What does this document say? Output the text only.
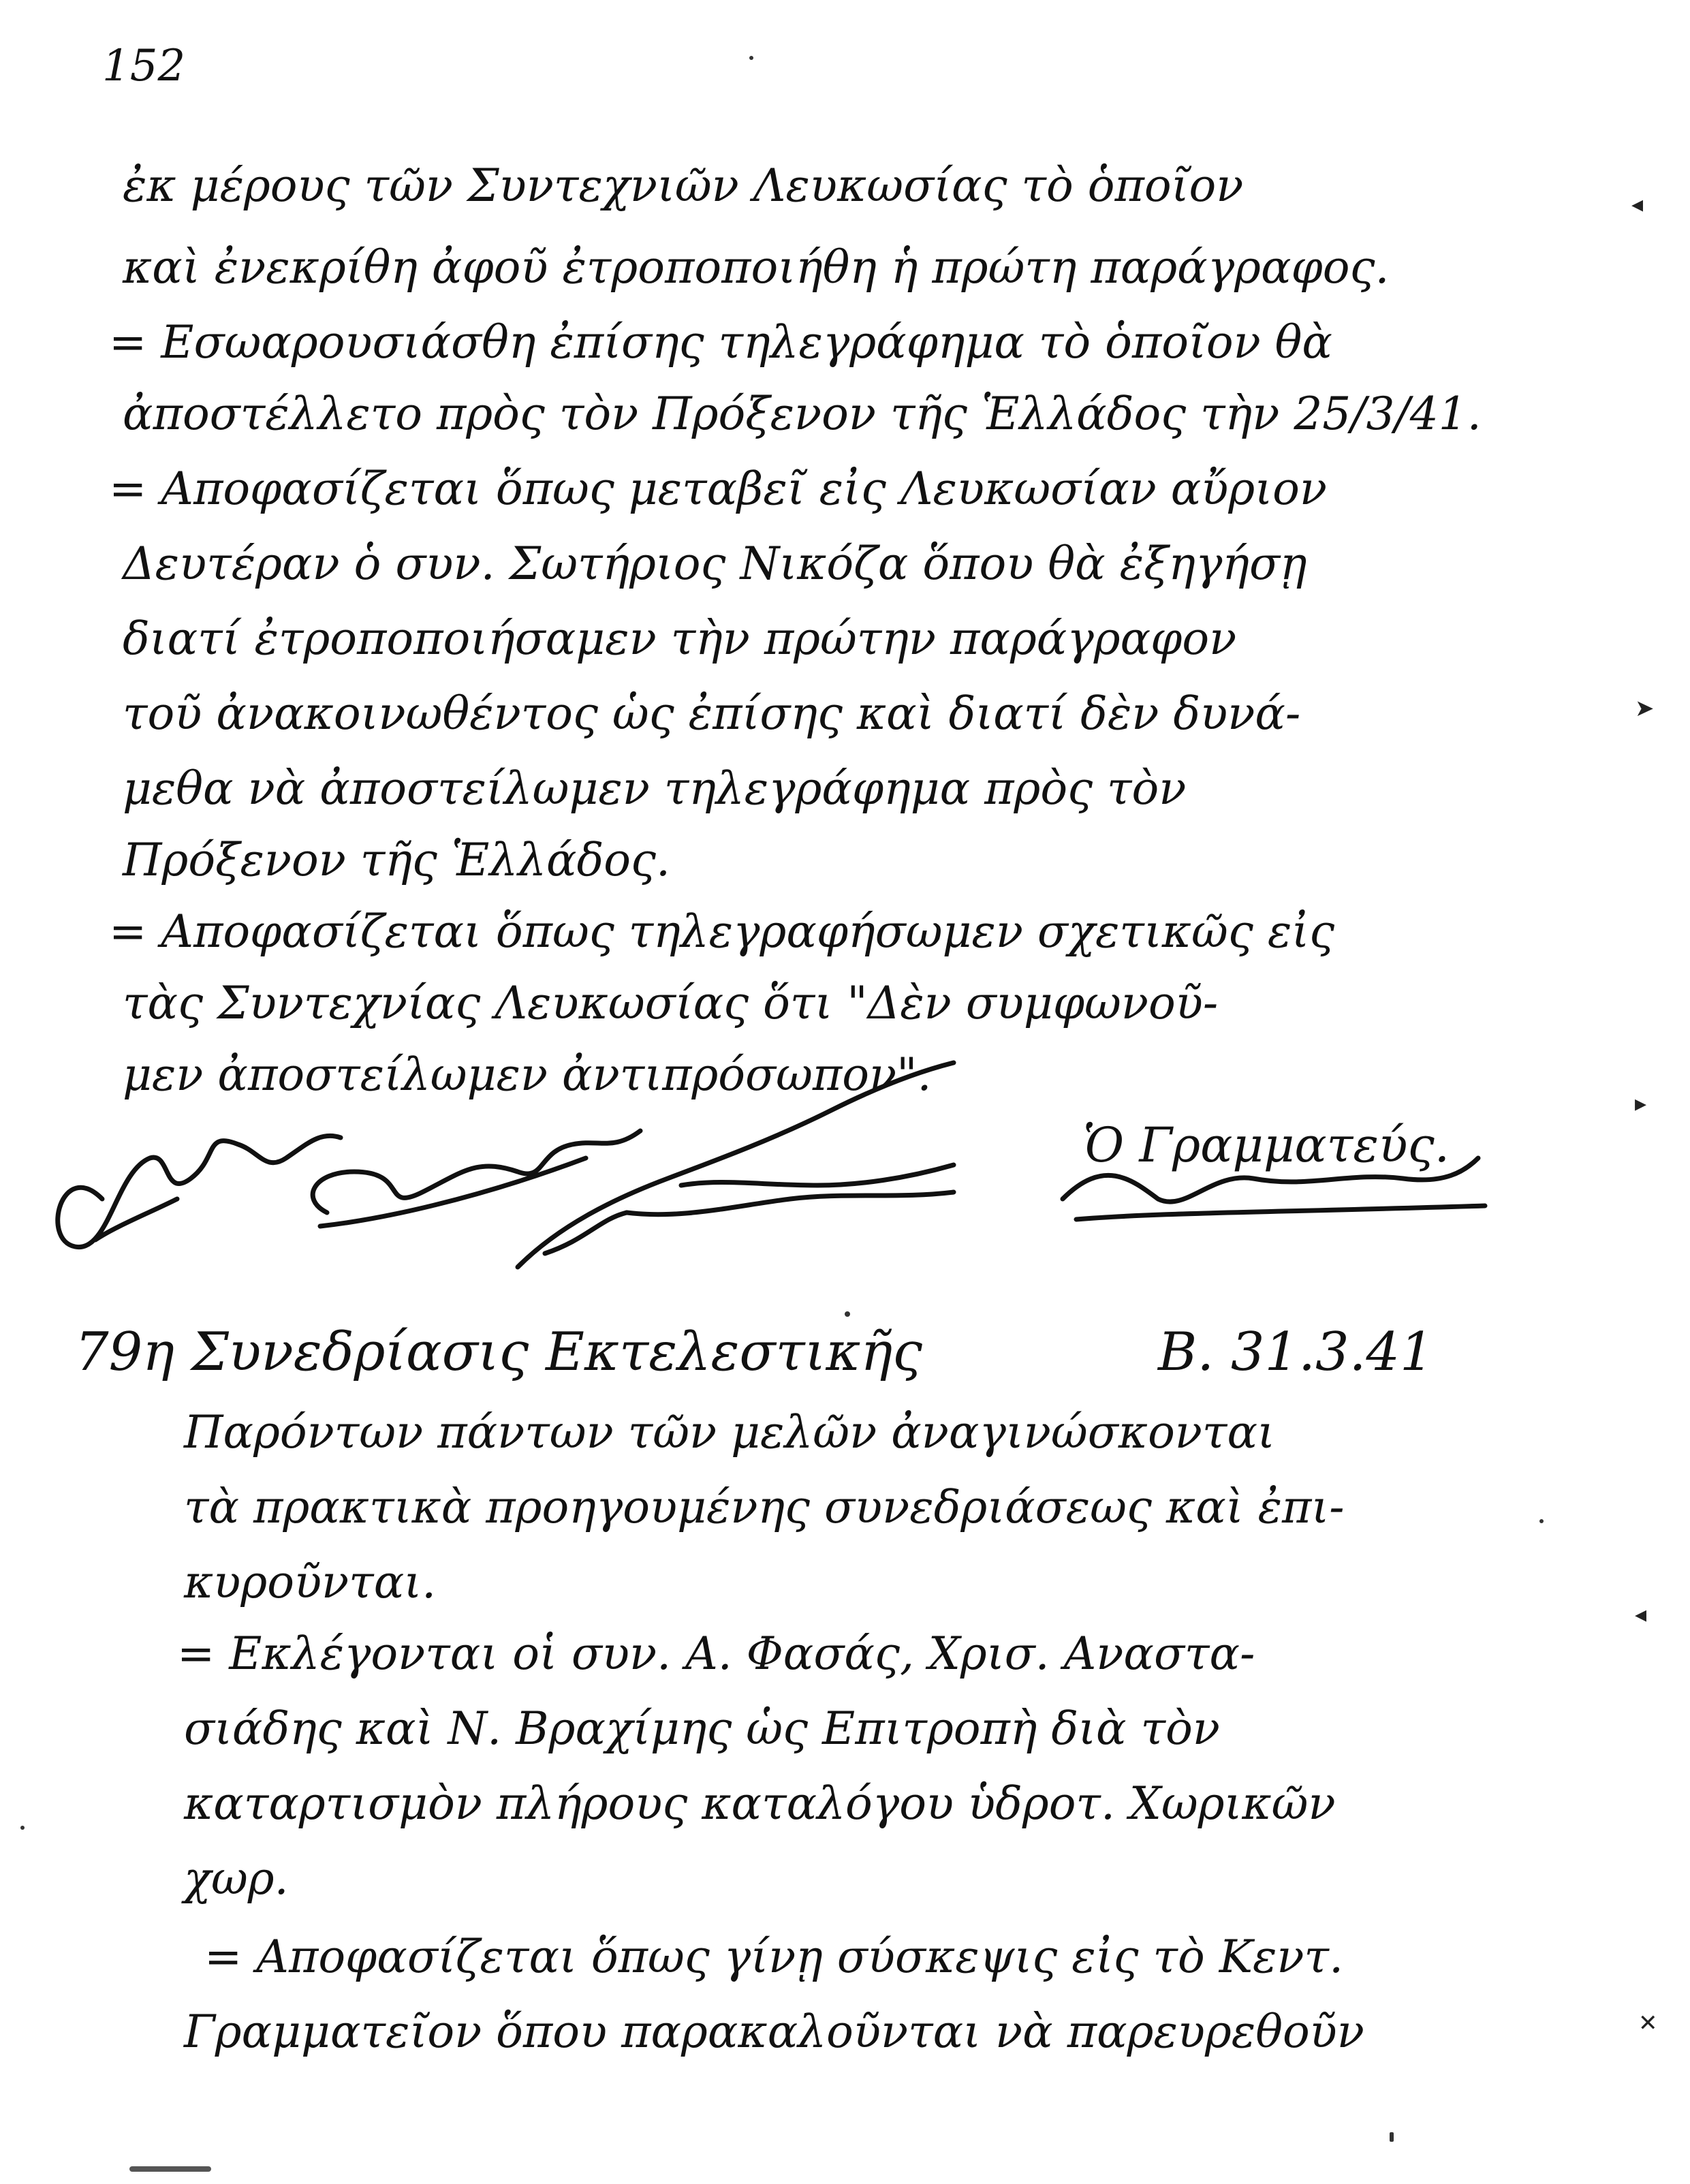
152
ἐκ μέρους τῶν Συντεχνιῶν Λευκωσίας τὸ ὁποῖον
καὶ ἐνεκρίθη ἀφοῦ ἐτροποποιήθη ἡ πρώτη παράγραφος.
= Εσωαρουσιάσθη ἐπίσης τηλεγράφημα τὸ ὁποῖον θὰ
ἀποστέλλετο πρὸς τὸν Πρόξενον τῆς Ἑλλάδος τὴν 25/3/41.
= Αποφασίζεται ὅπως μεταβεῖ εἰς Λευκωσίαν αὔριον
Δευτέραν ὁ συν. Σωτήριος Νικόζα ὅπου θὰ ἐξηγήσῃ
διατί ἐτροποποιήσαμεν τὴν πρώτην παράγραφον
τοῦ ἀνακοινωθέντος ὡς ἐπίσης καὶ διατί δὲν δυνά-
μεθα νὰ ἀποστείλωμεν τηλεγράφημα πρὸς τὸν
Πρόξενον τῆς Ἑλλάδος.
= Αποφασίζεται ὅπως τηλεγραφήσωμεν σχετικῶς εἰς
τὰς Συντεχνίας Λευκωσίας ὅτι "Δὲν συμφωνοῦ-
μεν ἀποστείλωμεν ἀντιπρόσωπον".
Ὁ Γραμματεύς.
79η Συνεδρίασις Εκτελεστικῆς	Β. 31.3.41
Παρόντων πάντων τῶν μελῶν ἀναγινώσκονται
τὰ πρακτικὰ προηγουμένης συνεδριάσεως καὶ ἐπι-
κυροῦνται.
= Εκλέγονται οἱ συν. Α. Φασάς, Χρισ. Αναστα-
σιάδης καὶ Ν. Βραχίμης ὡς Επιτροπὴ διὰ τὸν
καταρτισμὸν πλήρους καταλόγου ὑδροτ. Χωρικῶν
χωρ.
= Αποφασίζεται ὅπως γίνῃ σύσκεψις εἰς τὸ Κεντ.
Γραμματεῖον ὅπου παρακαλοῦνται νὰ παρευρεθοῦν
◂
➤
▸
◂
✕
